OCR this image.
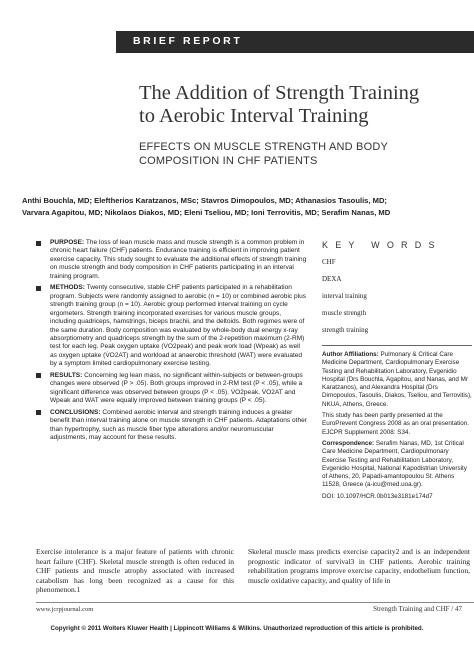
BRIEF REPORT
The Addition of Strength Training
to Aerobic Interval Training
EFFECTS ON MUSCLE STRENGTH AND BODY
COMPOSITION IN CHF PATIENTS
Anthi Bouchla, MD; Eleftherios Karatzanos, MSc; Stavros Dimopoulos, MD; Athanasios Tasoulis, MD;
Varvara Agapitou, MD; Nikolaos Diakos, MD; Eleni Tseliou, MD; Ioni Terrovitis, MD; Serafim Nanas, MD
PURPOSE: The loss of lean muscle mass and muscle strength is a common problem in chronic heart failure (CHF) patients. Endurance training is efficient in improving patient exercise capacity. This study sought to evaluate the additional effects of strength training on muscle strength and body composition in CHF patients participating in an interval training program.
METHODS: Twenty consecutive, stable CHF patients participated in a rehabilitation program. Subjects were randomly assigned to aerobic (n = 10) or combined aerobic plus strength training group (n = 10). Aerobic group performed interval training on cycle ergometers. Strength training incorporated exercises for various muscle groups, including quadriceps, hamstrings, biceps brachii, and the deltoids. Both regimes were of the same duration. Body composition was evaluated by whole-body dual energy x-ray absorptiometry and quadriceps strength by the sum of the 2-repetition maximum (2-RM) test for each leg. Peak oxygen uptake (V̇O2peak) and peak work load (Wpeak) as well as oxygen uptake (V̇O2AT) and workload at anaerobic threshold (WAT) were evaluated by a symptom limited cardiopulmonary exercise testing.
RESULTS: Concerning leg lean mass, no significant within-subjects or between-groups changes were observed (P > .05). Both groups improved in 2-RM test (P < .05), while a significant difference was observed between groups (P < .05). V̇O2peak, V̇O2AT and Wpeak and WAT were equally improved between training groups (P < .05).
CONCLUSIONS: Combined aerobic interval and strength training induces a greater benefit than interval training alone on muscle strength in CHF patients. Adaptations other than hypertrophy, such as muscle fiber type alterations and/or neuromuscular adjustments, may account for these results.
KEY WORDS
CHF
DEXA
interval training
muscle strength
strength training

Author Affiliations: Pulmonary & Critical Care Medicine Department, Cardiopulmonary Exercise Testing and Rehabilitation Laboratory, Evgenidio Hospital (Drs Bouchla, Agapitou, and Nanas, and Mr Karatzanos), and Alexandra Hospital (Drs Dimopoulos, Tasoulis, Diakos, Tseliou, and Terrovitis), NKUA, Athens, Greece.

This study has been partly presented at the EuroPrevent Congress 2008 as an oral presentation. EJCPR Supplement 2008: S34.

Correspondence: Serafim Nanas, MD, 1st Critical Care Medicine Department, Cardiopulmonary Exercise Testing and Rehabilitation Laboratory, Evgenidio Hospital, National Kapodistrian University of Athens, 20, Papadi-amantopoulou St. Athens 11528, Greece (a-icu@med.uoa.gr).

DOI: 10.1097/HCR.0b013e3181e174d7

Exercise intolerance is a major feature of patients with chronic heart failure (CHF). Skeletal muscle strength is often reduced in CHF patients and muscle atrophy associated with increased catabolism has long been recognized as a cause for this phenomenon.1
Skeletal muscle mass predicts exercise capacity2 and is an independent prognostic indicator of survival3 in CHF patients. Aerobic training rehabilitation programs improve exercise capacity, endothelium function, muscle oxidative capacity, and quality of life in
www.jcrpjournal.com	Strength Training and CHF / 47
Copyright © 2011 Wolters Kluwer Health | Lippincott Williams & Wilkins. Unauthorized reproduction of this article is prohibited.
